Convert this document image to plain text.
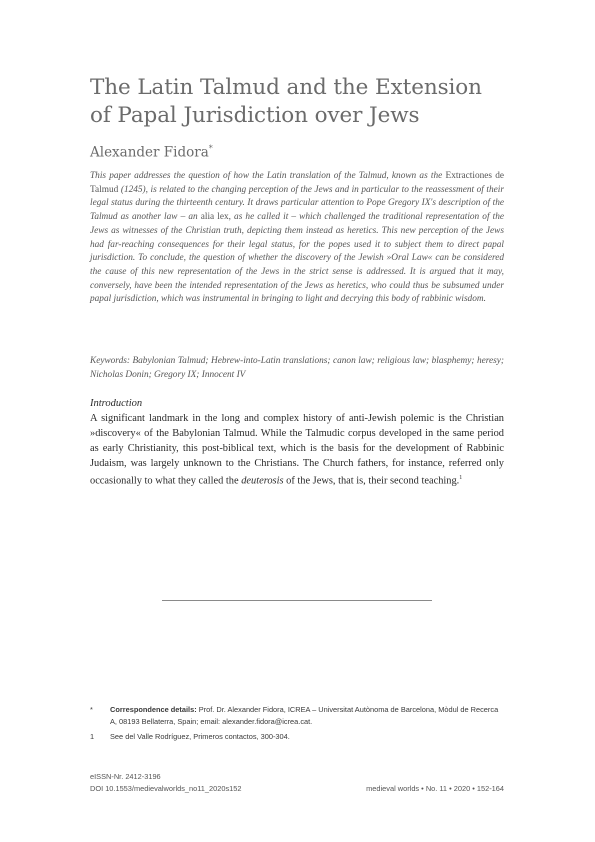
The Latin Talmud and the Extension
of Papal Jurisdiction over Jews
Alexander Fidora*

This paper addresses the question of how the Latin translation of the Talmud, known as the Extractiones de Talmud (1245), is related to the changing perception of the Jews and in particular to the reassessment of their legal status during the thirteenth century. It draws particular attention to Pope Gregory IX's description of the Talmud as another law – an alia lex, as he called it – which challenged the traditional representation of the Jews as witnesses of the Christian truth, depicting them instead as heretics. This new perception of the Jews had far-reaching consequences for their legal status, for the popes used it to subject them to direct papal jurisdiction. To conclude, the question of whether the discovery of the Jewish »Oral Law« can be considered the cause of this new representation of the Jews in the strict sense is addressed. It is argued that it may, conversely, have been the intended representation of the Jews as heretics, who could thus be subsumed under papal jurisdiction, which was instrumental in bringing to light and decrying this body of rabbinic wisdom.

Keywords: Babylonian Talmud; Hebrew-into-Latin translations; canon law; religious law; blasphemy; heresy; Nicholas Donin; Gregory IX; Innocent IV

Introduction

A significant landmark in the long and complex history of anti-Jewish polemic is the Christian »discovery« of the Babylonian Talmud. While the Talmudic corpus developed in the same period as early Christianity, this post-biblical text, which is the basis for the development of Rabbinic Judaism, was largely unknown to the Christians. The Church fathers, for instance, referred only occasionally to what they called the deuterosis of the Jews, that is, their second teaching.$^1$

*	Correspondence details: Prof. Dr. Alexander Fidora, ICREA – Universitat Autònoma de Barcelona, Mòdul de Recerca A, 08193 Bellaterra, Spain; email: alexander.fidora@icrea.cat.
1	See del Valle Rodríguez, Primeros contactos, 300-304.
eISSN-Nr. 2412-3196
DOI 10.1553/medievalworlds_no11_2020s152	medieval worlds • No. 11 • 2020 • 152-164
